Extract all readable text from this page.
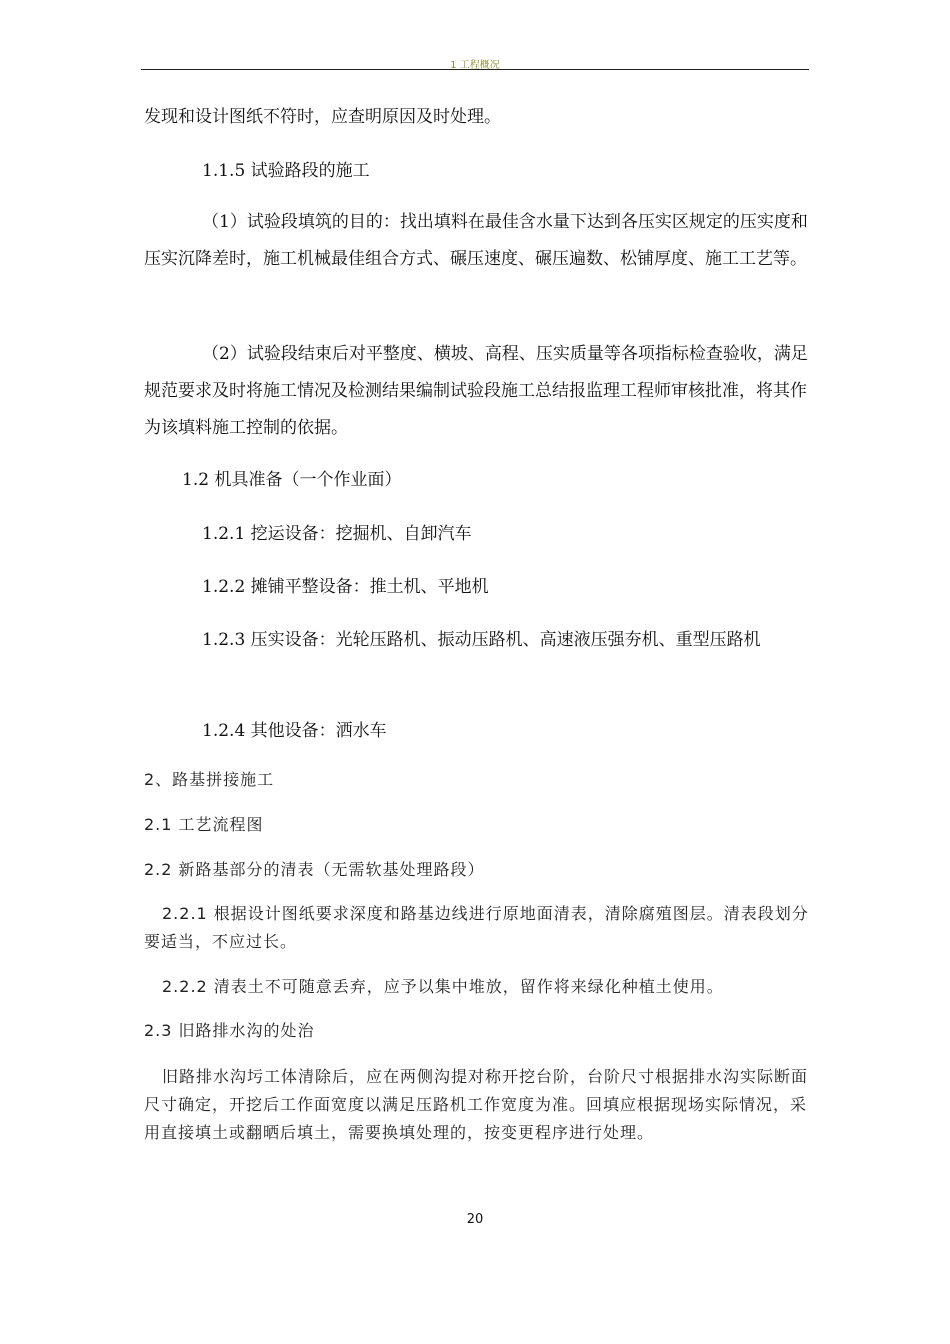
1 工程概况

发现和设计图纸不符时，应查明原因及时处理。

1.1.5 试验路段的施工

（1）试验段填筑的目的：找出填料在最佳含水量下达到各压实区规定的压实度和压实沉降差时，施工机械最佳组合方式、碾压速度、碾压遍数、松铺厚度、施工工艺等。

（2）试验段结束后对平整度、横坡、高程、压实质量等各项指标检查验收，满足规范要求及时将施工情况及检测结果编制试验段施工总结报监理工程师审核批准，将其作为该填料施工控制的依据。

1.2 机具准备（一个作业面）

1.2.1 挖运设备：挖掘机、自卸汽车

1.2.2 摊铺平整设备：推土机、平地机

1.2.3 压实设备：光轮压路机、振动压路机、高速液压强夯机、重型压路机

1.2.4 其他设备：洒水车

2、路基拼接施工

2.1 工艺流程图

2.2 新路基部分的清表（无需软基处理路段）

2.2.1 根据设计图纸要求深度和路基边线进行原地面清表，清除腐殖图层。清表段划分要适当，不应过长。

2.2.2 清表土不可随意丢弃，应予以集中堆放，留作将来绿化种植土使用。

2.3 旧路排水沟的处治

旧路排水沟圬工体清除后，应在两侧沟提对称开挖台阶，台阶尺寸根据排水沟实际断面尺寸确定，开挖后工作面宽度以满足压路机工作宽度为准。回填应根据现场实际情况，采用直接填土或翻晒后填土，需要换填处理的，按变更程序进行处理。

20
